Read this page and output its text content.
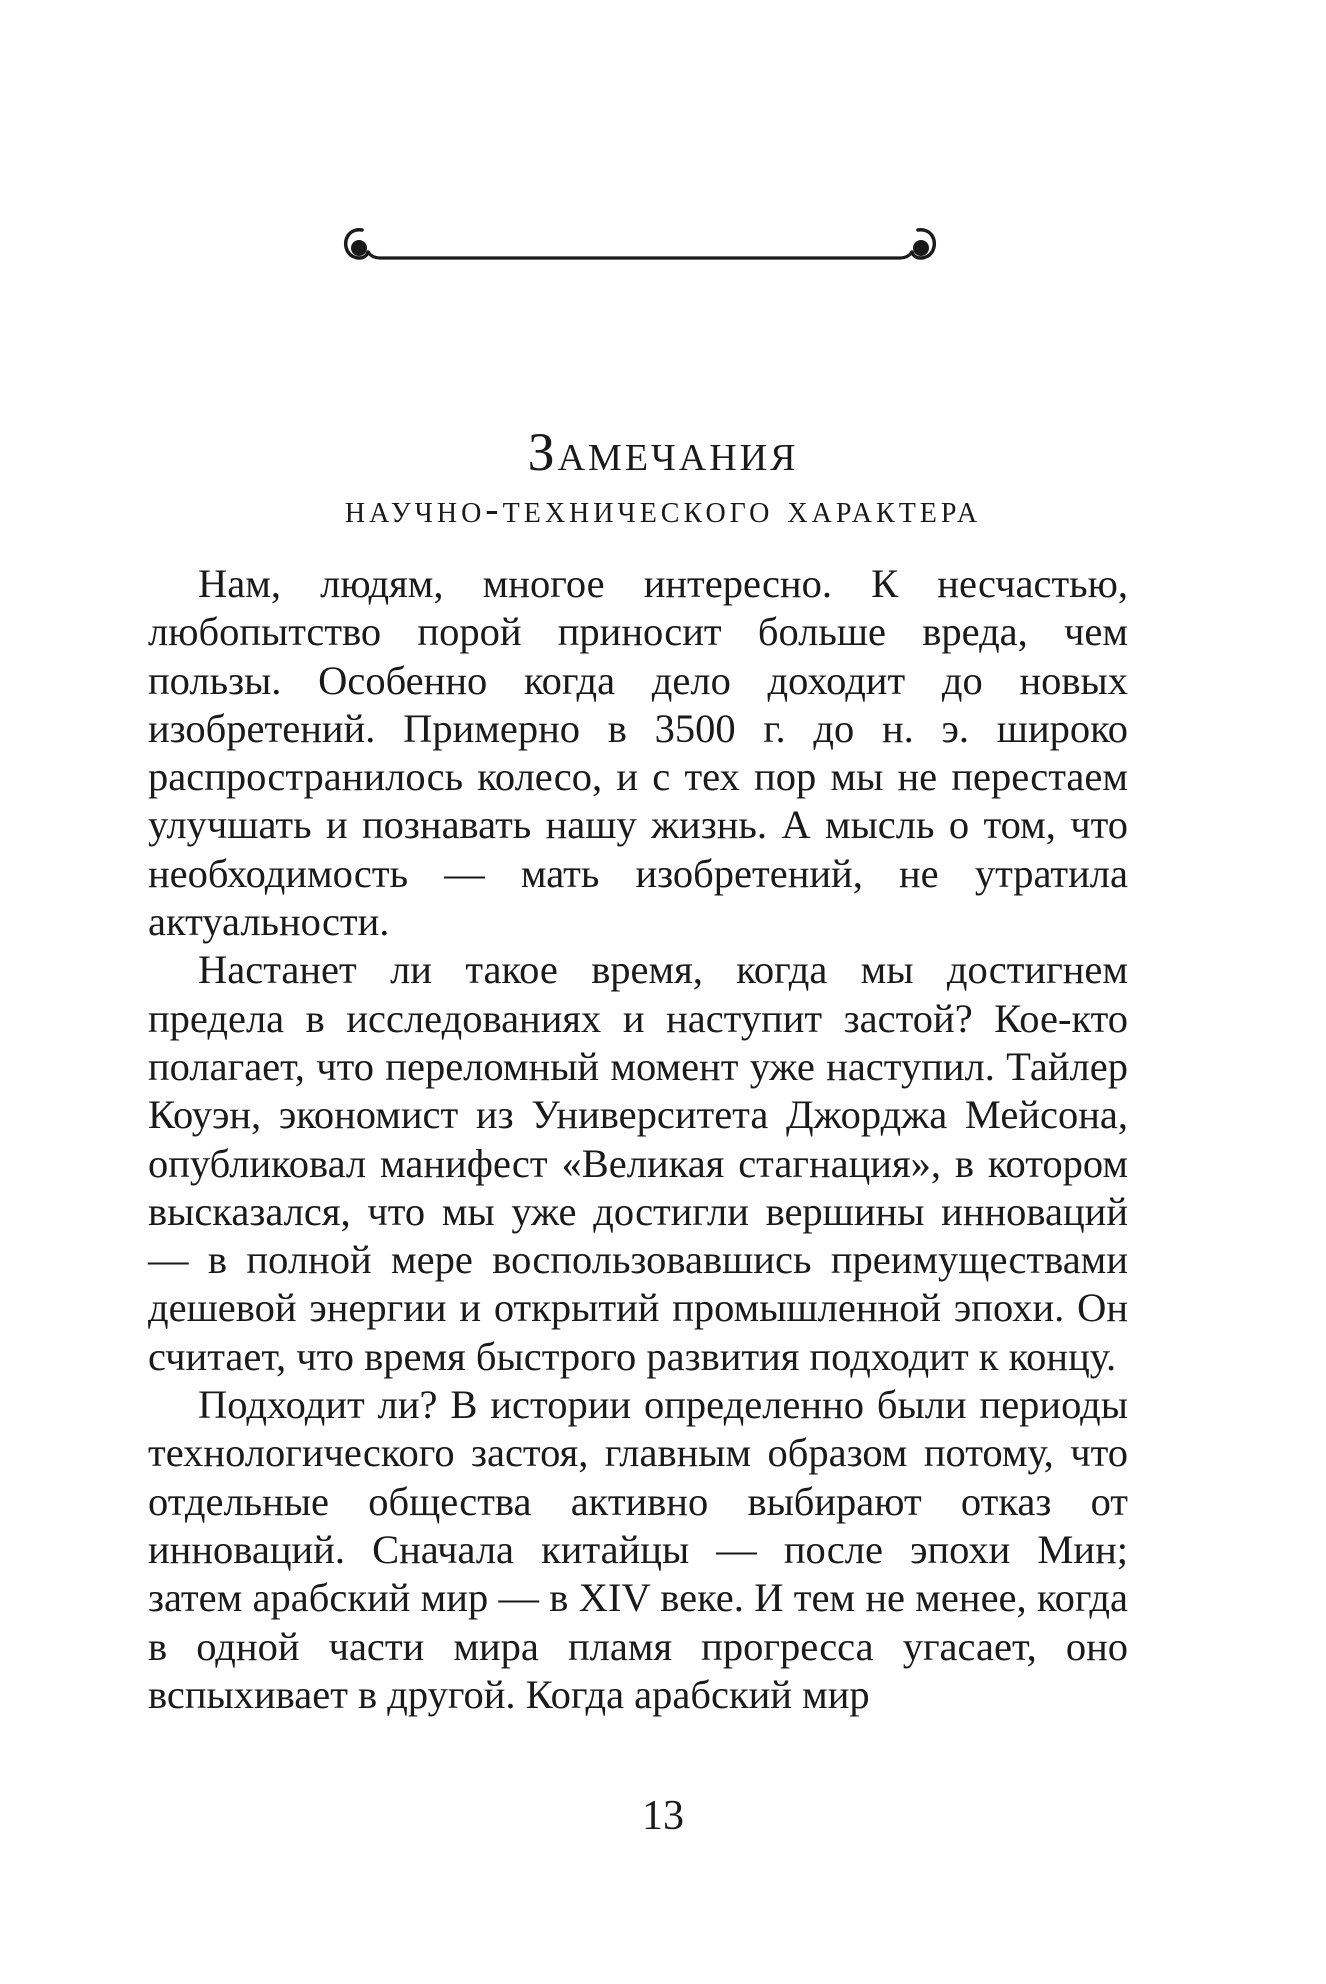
Замечания
научно-технического характера

Нам, людям, многое интересно. К несчастью, любопытство порой приносит больше вреда, чем пользы. Особенно когда дело доходит до новых изобретений. Примерно в 3500 г. до н. э. широко распространилось колесо, и с тех пор мы не перестаем улучшать и познавать нашу жизнь. А мысль о том, что необходимость — мать изобретений, не утратила актуальности.

Настанет ли такое время, когда мы достигнем предела в исследованиях и наступит застой? Кое-кто полагает, что переломный момент уже наступил. Тайлер Коуэн, экономист из Университета Джорджа Мейсона, опубликовал манифест «Великая стагнация», в котором высказался, что мы уже достигли вершины инноваций — в полной мере воспользовавшись преимуществами дешевой энергии и открытий промышленной эпохи. Он считает, что время быстрого развития подходит к концу.

Подходит ли? В истории определенно были периоды технологического застоя, главным образом потому, что отдельные общества активно выбирают отказ от инноваций. Сначала китайцы — после эпохи Мин; затем арабский мир — в XIV веке. И тем не менее, когда в одной части мира пламя прогресса угасает, оно вспыхивает в другой. Когда арабский мир

13
